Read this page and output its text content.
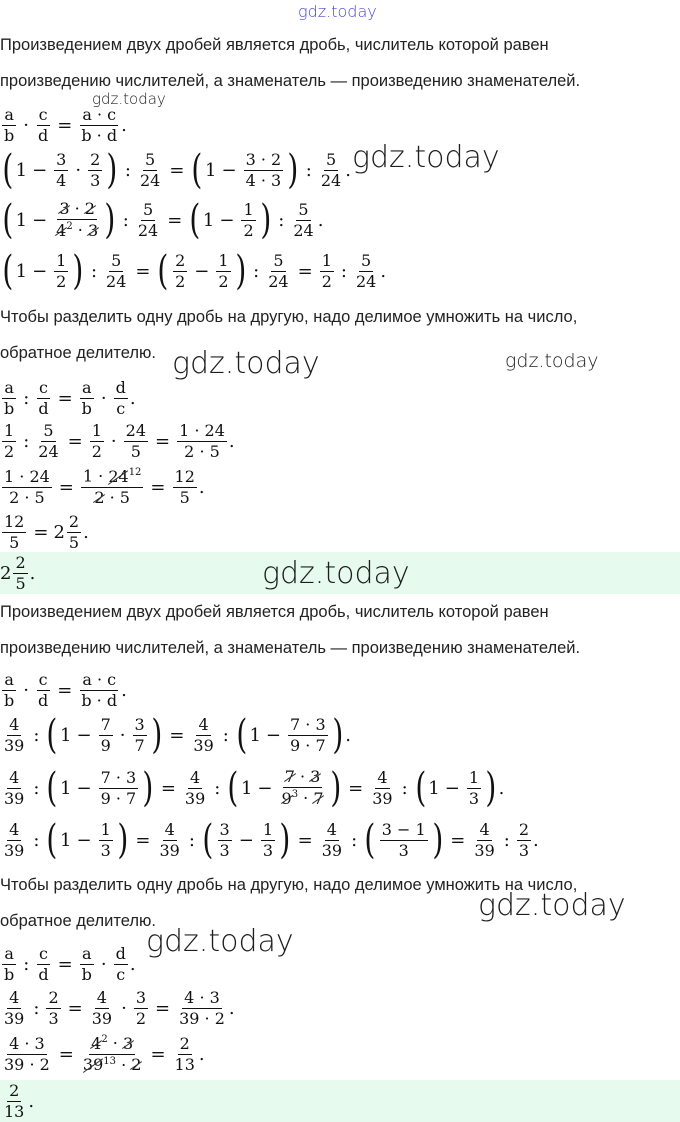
gdz.today
Произведением двух дробей является дробь, числитель которой равен
произведению числителей, а знаменатель — произведению знаменателей.
gdz.today
$\frac{a}{b} \cdot \frac{c}{d} = \frac{a \cdot c}{b \cdot d}$ .
gdz.today
( $1 - \frac{3}{4} \cdot \frac{2}{3}$ ) : $\frac{5}{24}$ = ( $1 - \frac{3 \cdot 2}{4 \cdot 3}$ ) : $\frac{5}{24}$ .
( $1 - \frac{3 \cdot 2}{4^2 \cdot 3}$ ) : $\frac{5}{24}$ = ( $1 - \frac{1}{2}$ ) : $\frac{5}{24}$ .
( $1 - \frac{1}{2}$ ) : $\frac{5}{24}$ = ( $\frac{2}{2} - \frac{1}{2}$ ) : $\frac{5}{24} = \frac{1}{2}$ : $\frac{5}{24}$ .
Чтобы разделить одну дробь на другую, надо делимое умножить на число,
обратное делителю. gdz.today	gdz.today
$\frac{a}{b}$ : $\frac{c}{d} = \frac{a}{b} \cdot \frac{d}{c}$ .
$\frac{1}{2}$ : $\frac{5}{24} = \frac{1}{2} \cdot \frac{24}{5} = \frac{1 \cdot 24}{2 \cdot 5}$ .
$\frac{1 \cdot 24}{2 \cdot 5} = \frac{1 \cdot 24^{12}}{2 \cdot 5} = \frac{12}{5}$ .
$\frac{12}{5} = 2 \frac{2}{5}$ .
$2 \frac{2}{5}$ .	gdz.today
Произведением двух дробей является дробь, числитель которой равен
произведению числителей, а знаменатель — произведению знаменателей.
$\frac{a}{b} \cdot \frac{c}{d} = \frac{a \cdot c}{b \cdot d}$ .
$\frac{4}{39}$ : ( $1 - \frac{7}{9} \cdot \frac{3}{7}$ ) = $\frac{4}{39}$ : ( $1 - \frac{7 \cdot 3}{9 \cdot 7}$ ) .
$\frac{4}{39}$ : ( $1 - \frac{7 \cdot 3}{9 \cdot 7}$ ) = $\frac{4}{39}$ : ( $1 - \frac{7 \cdot 3}{9^3 \cdot 7}$ ) = $\frac{4}{39}$ : ( $1 - \frac{1}{3}$ ) .
$\frac{4}{39}$ : ( $1 - \frac{1}{3}$ ) = $\frac{4}{39}$ : ( $\frac{3}{3} - \frac{1}{3}$ ) = $\frac{4}{39}$ : ( $\frac{3 - 1}{3}$ ) = $\frac{4}{39}$ : $\frac{2}{3}$ .
Чтобы разделить одну дробь на другую, надо делимое умножить на число,
обратное делителю.	gdz.today
gdz.today
$\frac{a}{b}$ : $\frac{c}{d} = \frac{a}{b} \cdot \frac{d}{c}$ .
$\frac{4}{39}$ : $\frac{2}{3} = \frac{4}{39} \cdot \frac{3}{2} = \frac{4 \cdot 3}{39 \cdot 2}$ .
$\frac{4 \cdot 3}{39 \cdot 2} = \frac{4^2 \cdot 3}{39^{13} \cdot 2} = \frac{2}{13}$ .
$\frac{2}{13}$ .
